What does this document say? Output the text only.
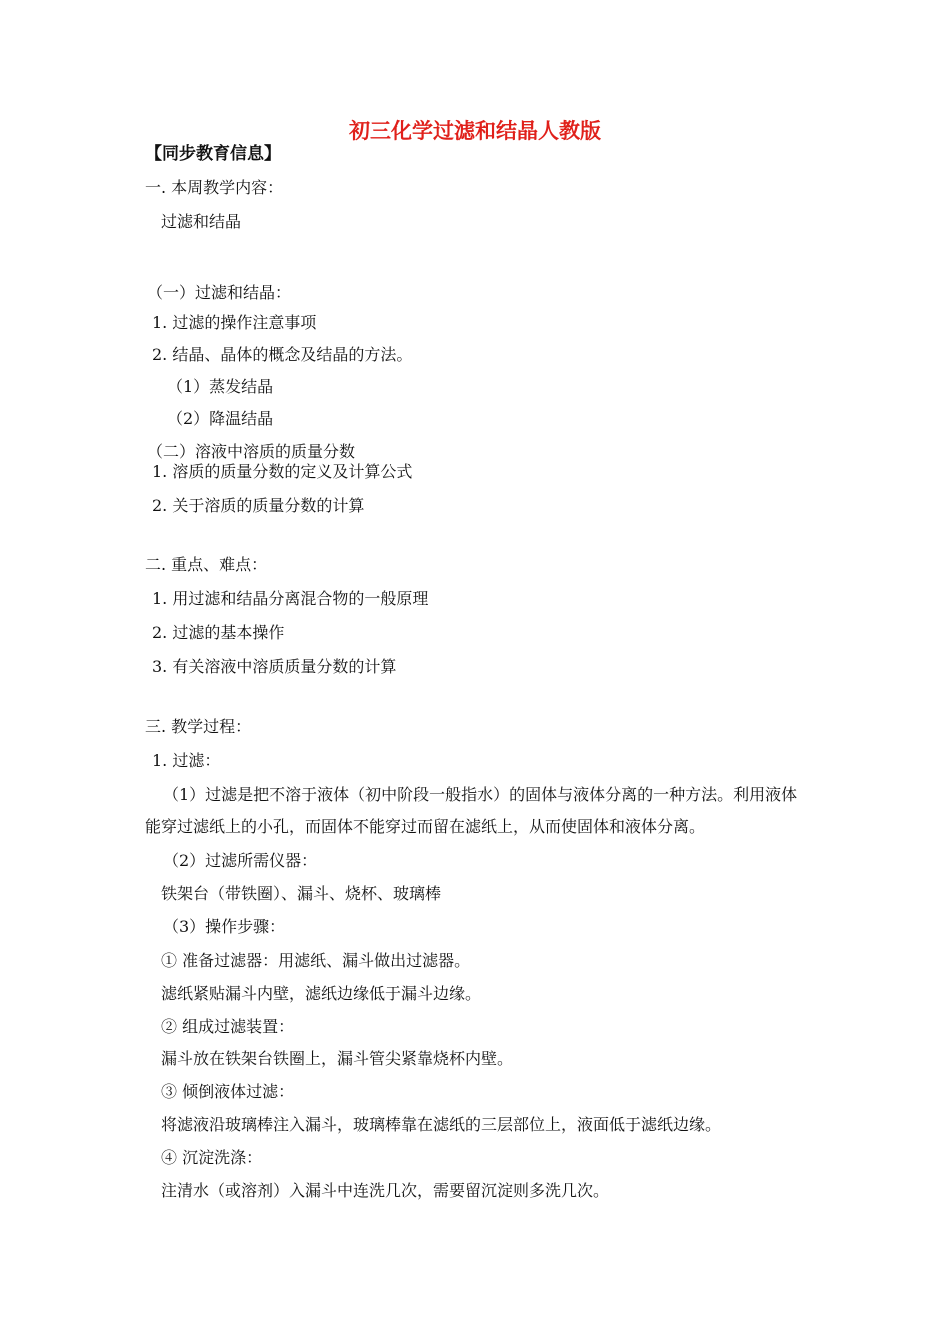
初三化学过滤和结晶人教版
【同步教育信息】
一. 本周教学内容：
过滤和结晶
（一）过滤和结晶：
1. 过滤的操作注意事项
2. 结晶、晶体的概念及结晶的方法。
（1）蒸发结晶
（2）降温结晶
（二）溶液中溶质的质量分数
1. 溶质的质量分数的定义及计算公式
2. 关于溶质的质量分数的计算
二. 重点、难点：
1. 用过滤和结晶分离混合物的一般原理
2. 过滤的基本操作
3. 有关溶液中溶质质量分数的计算
三. 教学过程：
1. 过滤：
（1）过滤是把不溶于液体（初中阶段一般指水）的固体与液体分离的一种方法。利用液体
能穿过滤纸上的小孔，而固体不能穿过而留在滤纸上，从而使固体和液体分离。
（2）过滤所需仪器：
铁架台（带铁圈）、漏斗、烧杯、玻璃棒
（3）操作步骤：
① 准备过滤器：用滤纸、漏斗做出过滤器。
滤纸紧贴漏斗内壁，滤纸边缘低于漏斗边缘。
② 组成过滤装置：
漏斗放在铁架台铁圈上，漏斗管尖紧靠烧杯内壁。
③ 倾倒液体过滤：
将滤液沿玻璃棒注入漏斗，玻璃棒靠在滤纸的三层部位上，液面低于滤纸边缘。
④ 沉淀洗涤：
注清水（或溶剂）入漏斗中连洗几次，需要留沉淀则多洗几次。
